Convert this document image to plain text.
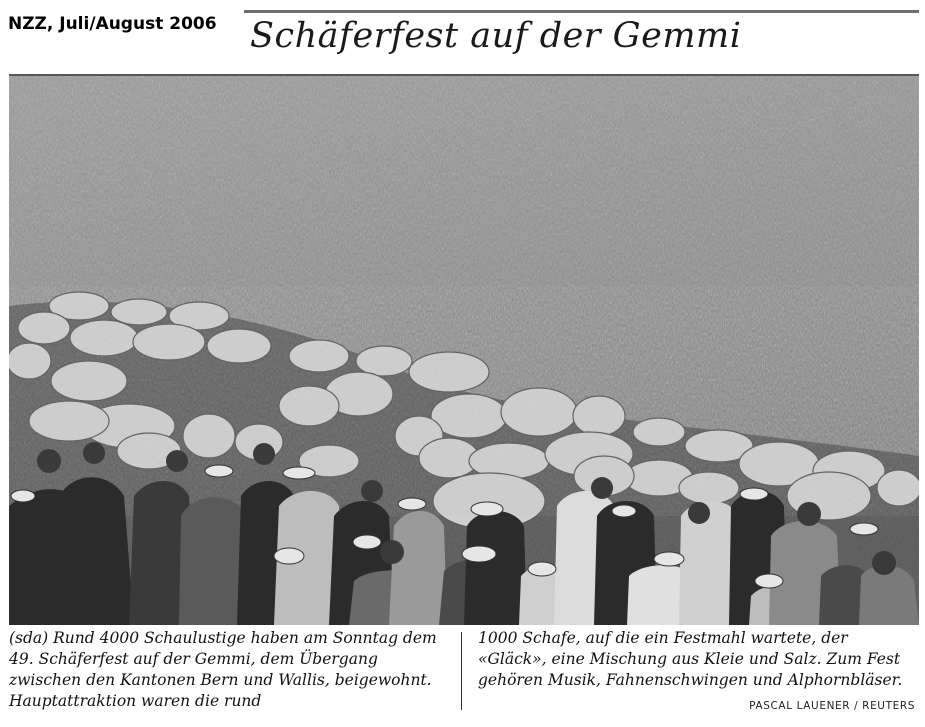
NZZ, Juli/August 2006 Schäferfest auf der Gemmi
(sda) Rund 4000 Schaulustige haben am Sonntag dem 49. Schäferfest auf der Gemmi, dem Übergang zwischen den Kantonen Bern und Wallis, beigewohnt. Hauptattraktion waren die rund
1000 Schafe, auf die ein Festmahl wartete, der «Gläck», eine Mischung aus Kleie und Salz. Zum Fest gehören Musik, Fahnenschwingen und Alphornbläser.
PASCAL LAUENER / REUTERS
